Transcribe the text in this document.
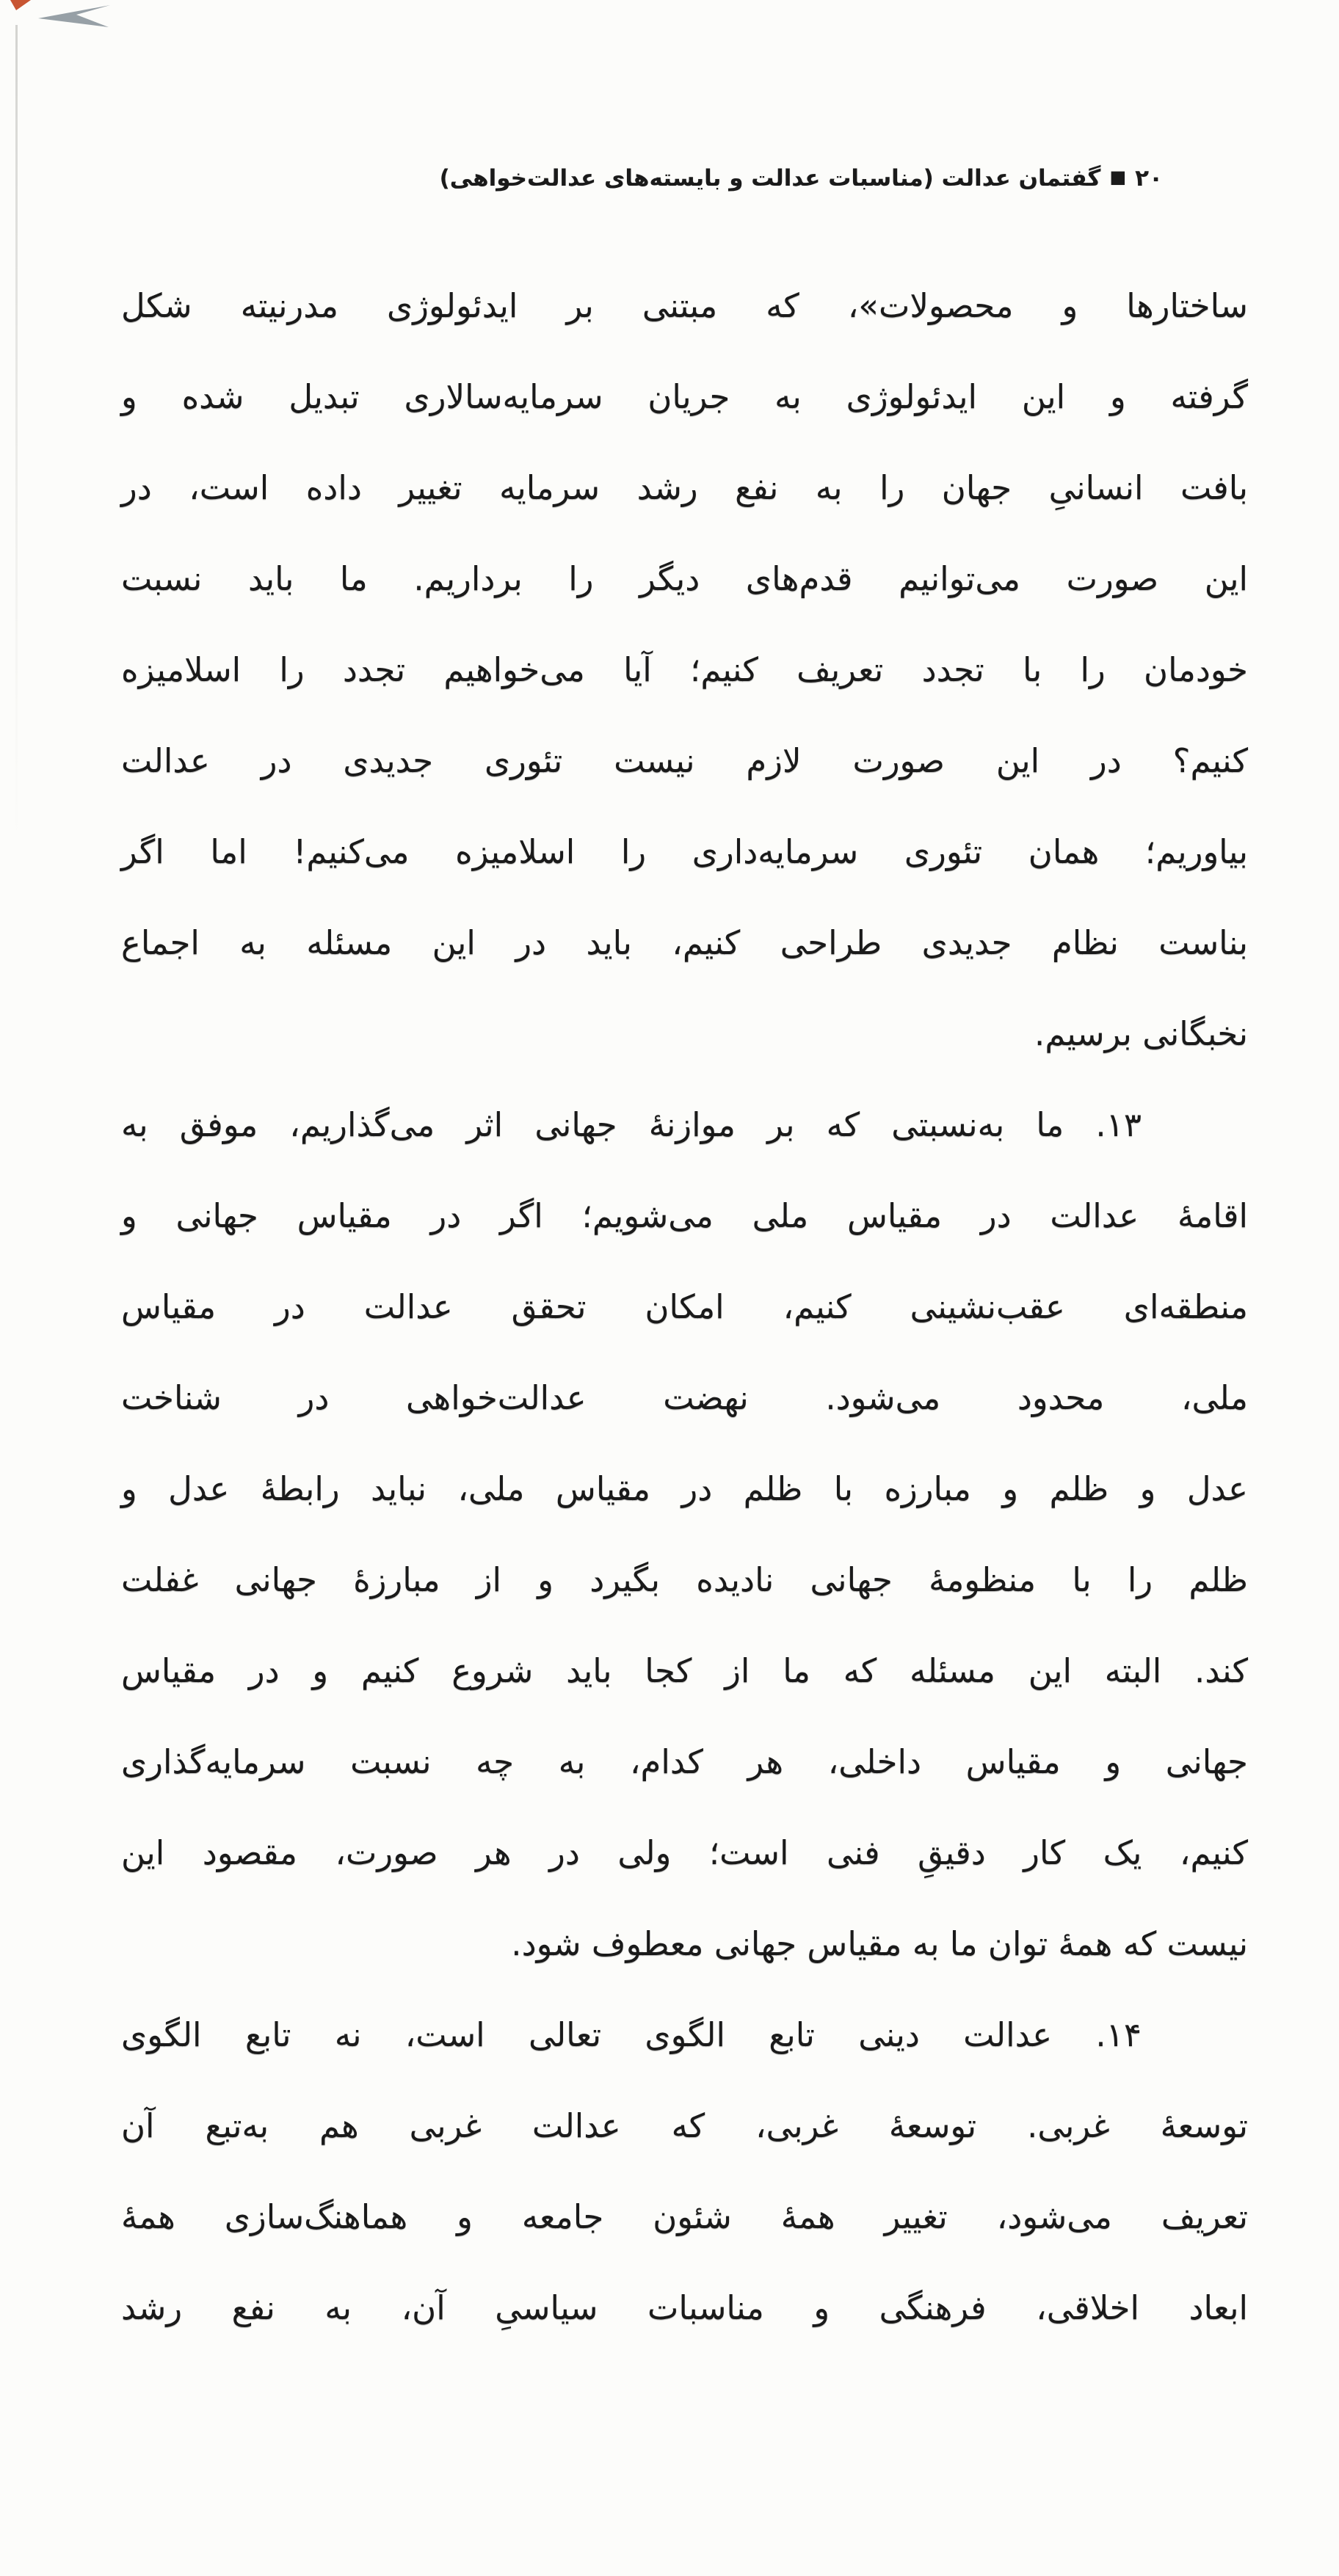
۲۰■گفتمان عدالت (مناسبات عدالت و بایسته‌های عدالت‌خواهی)
ساختارها و محصولات»، که مبتنی بر ایدئولوژی مدرنیته شکل
گرفته و این ایدئولوژی به جریان سرمایه‌سالاری تبدیل شده و
بافت انسانیِ جهان را به نفع رشد سرمایه تغییر داده است، در
این صورت می‌توانیم قدم‌های دیگر را برداریم. ما باید نسبت
خودمان را با تجدد تعریف کنیم؛ آیا می‌خواهیم تجدد را اسلامیزه
کنیم؟ در این صورت لازم نیست تئوری جدیدی در عدالت
بیاوریم؛ همان تئوری سرمایه‌داری را اسلامیزه می‌کنیم! اما اگر
بناست نظام جدیدی طراحی کنیم، باید در این مسئله به اجماع
نخبگانی برسیم.
۱۳. ما به‌نسبتی که بر موازنهٔ جهانی اثر می‌گذاریم، موفق به
اقامهٔ عدالت در مقیاس ملی می‌شویم؛ اگر در مقیاس جهانی و
منطقه‌ای عقب‌نشینی کنیم، امکان تحقق عدالت در مقیاس
ملی، محدود می‌شود. نهضت عدالت‌خواهی در شناخت
عدل و ظلم و مبارزه با ظلم در مقیاس ملی، نباید رابطهٔ عدل و
ظلم را با منظومهٔ جهانی نادیده بگیرد و از مبارزهٔ جهانی غفلت
کند. البته این مسئله که ما از کجا باید شروع کنیم و در مقیاس
جهانی و مقیاس داخلی، هر کدام، به چه نسبت سرمایه‌گذاری
کنیم، یک کار دقیقِ فنی است؛ ولی در هر صورت، مقصود این
نیست که همهٔ توان ما به مقیاس جهانی معطوف شود.
۱۴. عدالت دینی تابع الگوی تعالی است، نه تابع الگوی
توسعهٔ غربی. توسعهٔ غربی، که عدالت غربی هم به‌تبع آن
تعریف می‌شود، تغییر همهٔ شئون جامعه و هماهنگ‌سازی همهٔ
ابعاد اخلاقی، فرهنگی و مناسبات سیاسیِ آن، به نفع رشد
